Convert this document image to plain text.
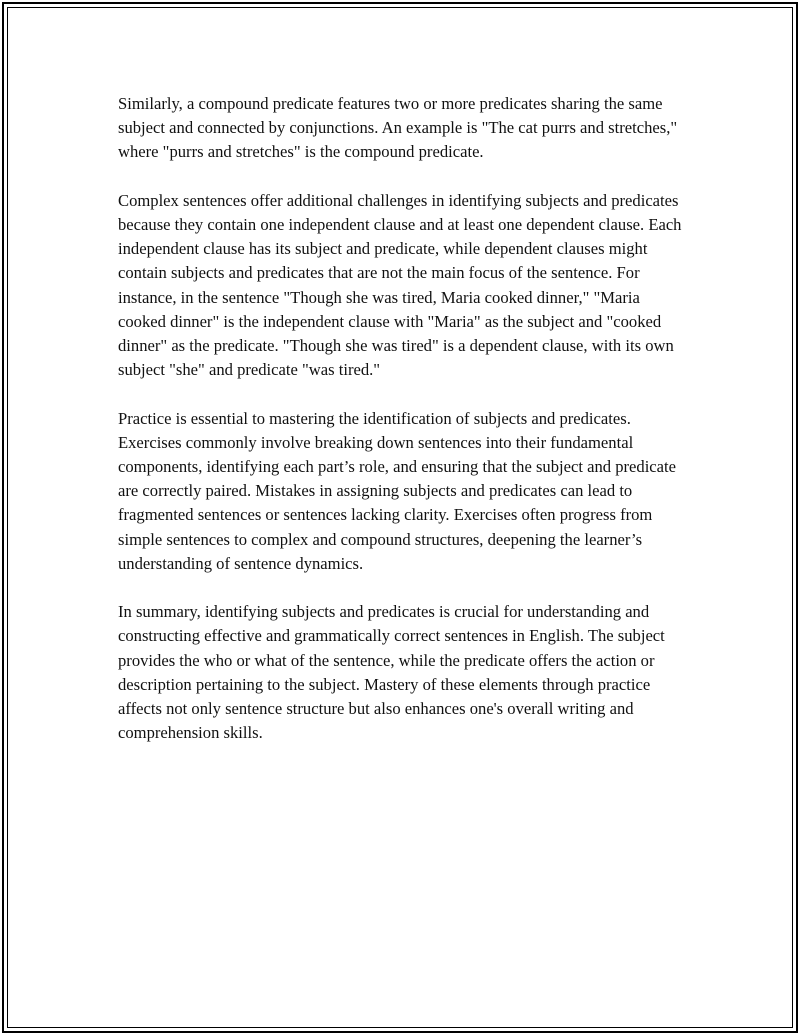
Similarly, a compound predicate features two or more predicates sharing the same subject and connected by conjunctions. An example is "The cat purrs and stretches," where "purrs and stretches" is the compound predicate.

Complex sentences offer additional challenges in identifying subjects and predicates because they contain one independent clause and at least one dependent clause. Each independent clause has its subject and predicate, while dependent clauses might contain subjects and predicates that are not the main focus of the sentence. For instance, in the sentence "Though she was tired, Maria cooked dinner," "Maria cooked dinner" is the independent clause with "Maria" as the subject and "cooked dinner" as the predicate. "Though she was tired" is a dependent clause, with its own subject "she" and predicate "was tired."

Practice is essential to mastering the identification of subjects and predicates. Exercises commonly involve breaking down sentences into their fundamental components, identifying each part’s role, and ensuring that the subject and predicate are correctly paired. Mistakes in assigning subjects and predicates can lead to fragmented sentences or sentences lacking clarity. Exercises often progress from simple sentences to complex and compound structures, deepening the learner’s understanding of sentence dynamics.

In summary, identifying subjects and predicates is crucial for understanding and constructing effective and grammatically correct sentences in English. The subject provides the who or what of the sentence, while the predicate offers the action or description pertaining to the subject. Mastery of these elements through practice affects not only sentence structure but also enhances one's overall writing and comprehension skills.
